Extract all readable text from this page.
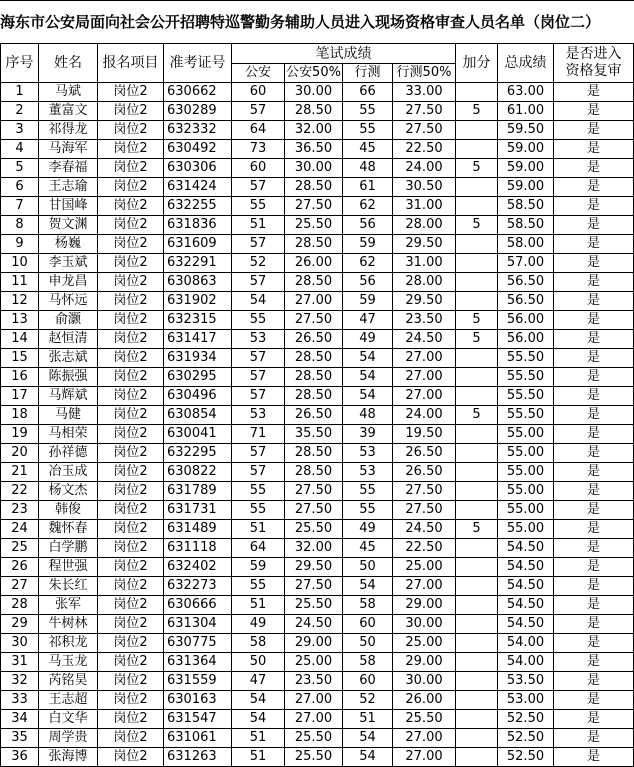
海东市公安局面向社会公开招聘特巡警勤务辅助人员进入现场资格审查人员名单（岗位二）
序号	姓名	报名项目	准考证号	笔试成绩				加分	总成绩	是否进入
资格复审

				公安	公安50%	行测	行测50%			
1	马斌	岗位2	630662	60	30.00	66	33.00		63.00	是
2	董富文	岗位2	630289	57	28.50	55	27.50	5	61.00	是
3	祁得龙	岗位2	632332	64	32.00	55	27.50		59.50	是
4	马海军	岗位2	630492	73	36.50	45	22.50		59.00	是
5	李春福	岗位2	630306	60	30.00	48	24.00	5	59.00	是
6	王志瑜	岗位2	631424	57	28.50	61	30.50		59.00	是
7	甘国峰	岗位2	632255	55	27.50	62	31.00		58.50	是
8	贺文渊	岗位2	631836	51	25.50	56	28.00	5	58.50	是
9	杨巍	岗位2	631609	57	28.50	59	29.50		58.00	是
10	李玉斌	岗位2	632291	52	26.00	62	31.00		57.00	是
11	申龙昌	岗位2	630863	57	28.50	56	28.00		56.50	是
12	马怀远	岗位2	631902	54	27.00	59	29.50		56.50	是
13	俞灏	岗位2	632315	55	27.50	47	23.50	5	56.00	是
14	赵恒清	岗位2	631417	53	26.50	49	24.50	5	56.00	是
15	张志斌	岗位2	631934	57	28.50	54	27.00		55.50	是
16	陈振强	岗位2	630295	57	28.50	54	27.00		55.50	是
17	马辉斌	岗位2	630496	57	28.50	54	27.00		55.50	是
18	马健	岗位2	630854	53	26.50	48	24.00	5	55.50	是
19	马相荣	岗位2	630041	71	35.50	39	19.50		55.00	是
20	孙祥德	岗位2	632295	57	28.50	53	26.50		55.00	是
21	冶玉成	岗位2	630822	57	28.50	53	26.50		55.00	是
22	杨文杰	岗位2	631789	55	27.50	55	27.50		55.00	是
23	韩俊	岗位2	631731	55	27.50	55	27.50		55.00	是
24	魏怀春	岗位2	631489	51	25.50	49	24.50	5	55.00	是
25	白学鹏	岗位2	631118	64	32.00	45	22.50		54.50	是
26	程世强	岗位2	632402	59	29.50	50	25.00		54.50	是
27	朱长红	岗位2	632273	55	27.50	54	27.00		54.50	是
28	张军	岗位2	630666	51	25.50	58	29.00		54.50	是
29	牛树林	岗位2	631304	49	24.50	60	30.00		54.50	是
30	祁积龙	岗位2	630775	58	29.00	50	25.00		54.00	是
31	马玉龙	岗位2	631364	50	25.00	58	29.00		54.00	是
32	芮铭昊	岗位2	631559	47	23.50	60	30.00		53.50	是
33	王志超	岗位2	630163	54	27.00	52	26.00		53.00	是
34	白文华	岗位2	631547	54	27.00	51	25.50		52.50	是
35	周学贵	岗位2	631061	51	25.50	54	27.00		52.50	是
36	张海博	岗位2	631263	51	25.50	54	27.00		52.50	是
